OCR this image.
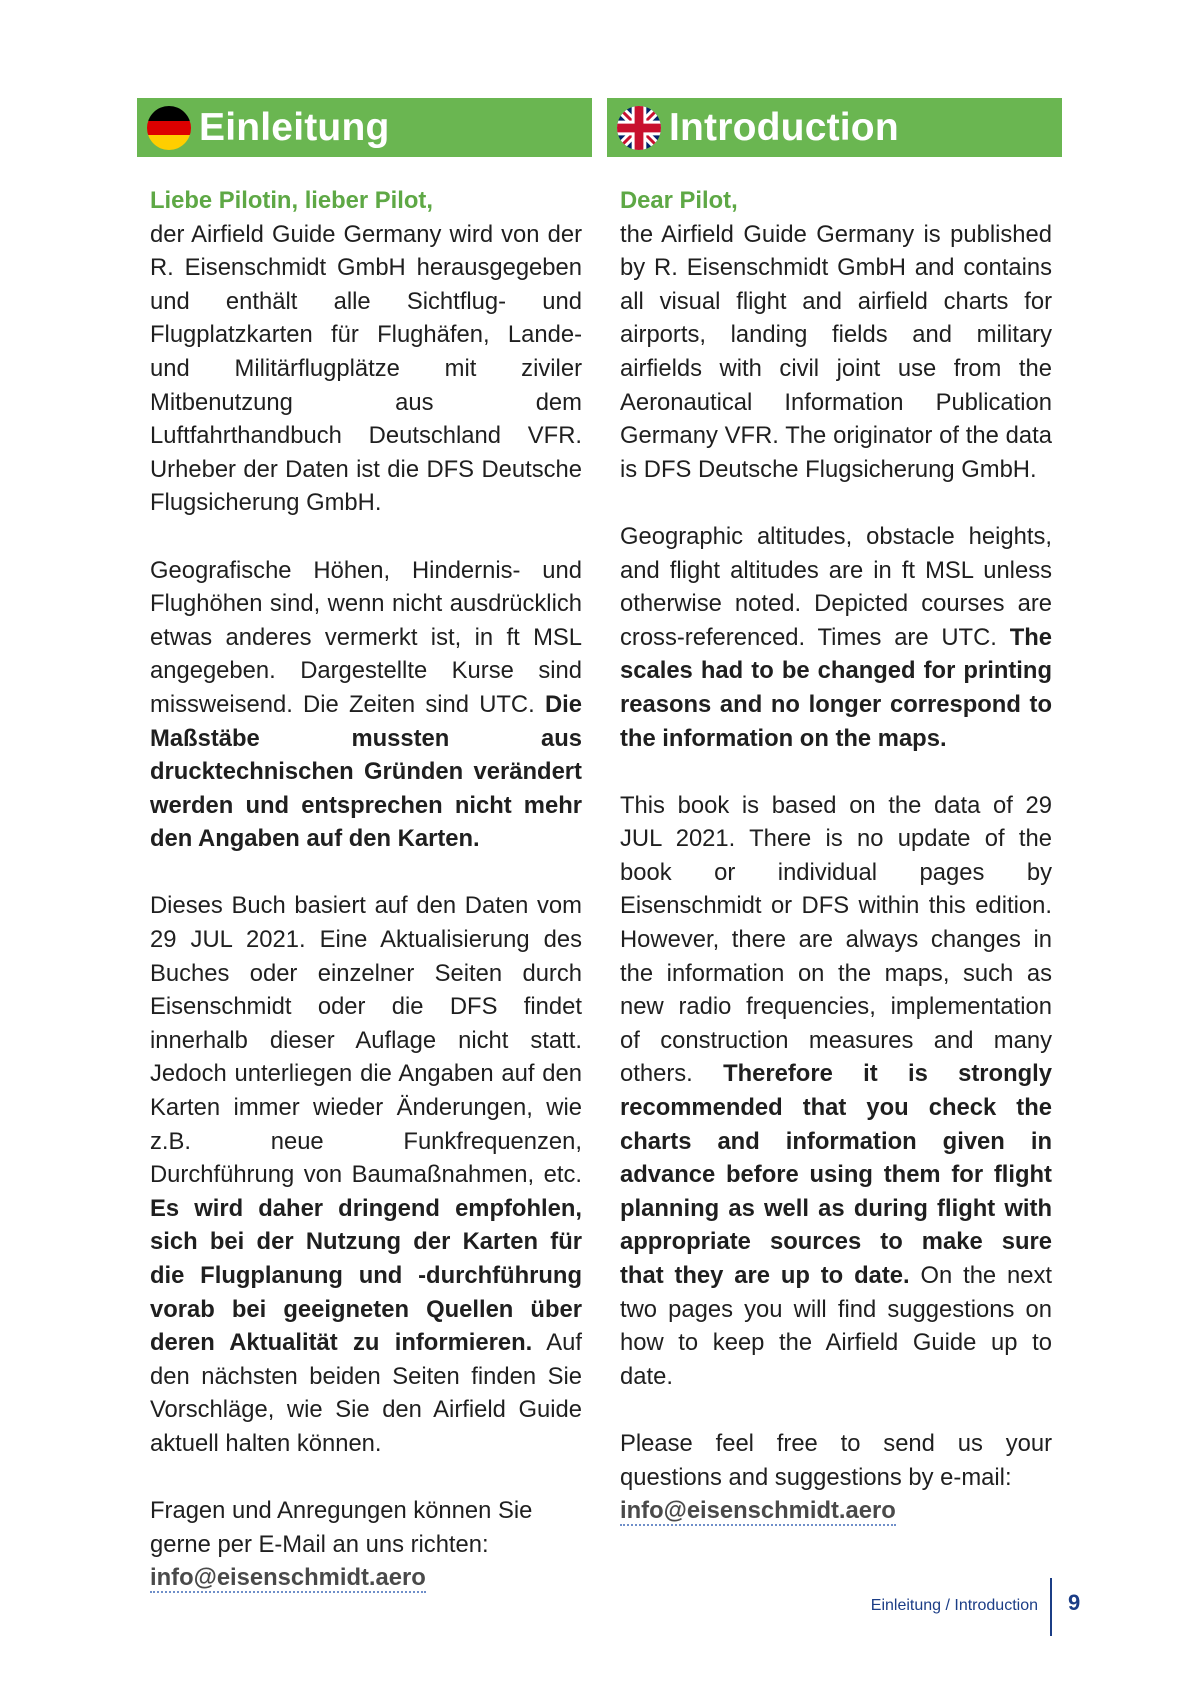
Einleitung	Introduction
Liebe Pilotin, lieber Pilot,

der Airfield Guide Germany wird von der R. Eisenschmidt GmbH herausgegeben und enthält alle Sichtflug- und Flugplatzkarten für Flughäfen, Lande- und Militärflugplätze mit ziviler Mitbenutzung aus dem Luftfahrthandbuch Deutschland VFR. Urheber der Daten ist die DFS Deutsche Flugsicherung GmbH.

Geografische Höhen, Hindernis- und Flughöhen sind, wenn nicht ausdrücklich etwas anderes vermerkt ist, in ft MSL angegeben. Dargestellte Kurse sind missweisend. Die Zeiten sind UTC. Die Maßstäbe mussten aus drucktechnischen Gründen verändert werden und entsprechen nicht mehr den Angaben auf den Karten.

Dieses Buch basiert auf den Daten vom 29 JUL 2021. Eine Aktualisierung des Buches oder einzelner Seiten durch Eisenschmidt oder die DFS findet innerhalb dieser Auflage nicht statt. Jedoch unterliegen die Angaben auf den Karten immer wieder Änderungen, wie z.B. neue Funkfrequenzen, Durchführung von Baumaßnahmen, etc. Es wird daher dringend empfohlen, sich bei der Nutzung der Karten für die Flugplanung und -durchführung vorab bei geeigneten Quellen über deren Aktualität zu informieren. Auf den nächsten beiden Seiten finden Sie Vorschläge, wie Sie den Airfield Guide aktuell halten können.

Fragen und Anregungen können Sie
gerne per E-Mail an uns richten:
info@eisenschmidt.aero

Dear Pilot,

the Airfield Guide Germany is published by R. Eisenschmidt GmbH and contains all visual flight and airfield charts for airports, landing fields and military airfields with civil joint use from the Aeronautical Information Publication Germany VFR. The originator of the data is DFS Deutsche Flugsicherung GmbH.

Geographic altitudes, obstacle heights, and flight altitudes are in ft MSL unless otherwise noted. Depicted courses are cross-referenced. Times are UTC. The scales had to be changed for printing reasons and no longer correspond to the information on the maps.

This book is based on the data of 29 JUL 2021. There is no update of the book or individual pages by Eisenschmidt or DFS within this edition. However, there are always changes in the information on the maps, such as new radio frequencies, implementation of construction measures and many others. Therefore it is strongly recommended that you check the charts and information given in advance before using them for flight planning as well as during flight with appropriate sources to make sure that they are up to date. On the next two pages you will find suggestions on how to keep the Airfield Guide up to date.

Please feel free to send us your questions and suggestions by e-mail:
info@eisenschmidt.aero

Einleitung / Introduction 9
